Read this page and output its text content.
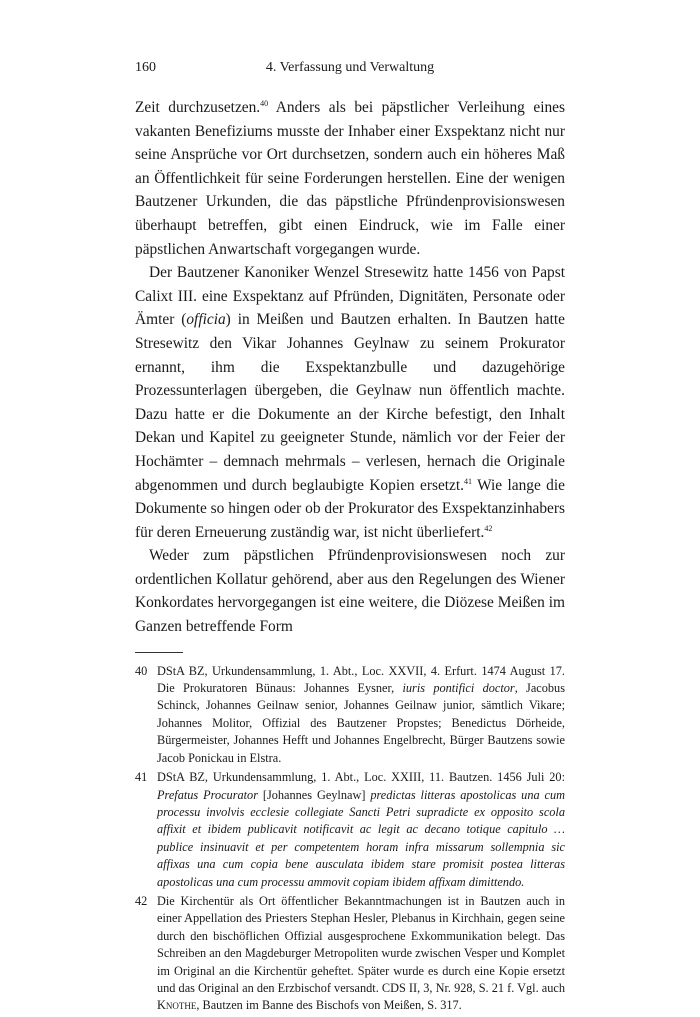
160	4. Verfassung und Verwaltung

Zeit durchzusetzen.$^{40}$ Anders als bei päpstlicher Verleihung eines vakanten Benefiziums musste der Inhaber einer Exspektanz nicht nur seine Ansprüche vor Ort durchsetzen, sondern auch ein höheres Maß an Öffentlichkeit für seine Forderungen herstellen. Eine der wenigen Bautzener Urkunden, die das päpstliche Pfründenprovisionswesen überhaupt betreffen, gibt einen Eindruck, wie im Falle einer päpstlichen Anwartschaft vorgegangen wurde.

Der Bautzener Kanoniker Wenzel Stresewitz hatte 1456 von Papst Calixt III. eine Exspektanz auf Pfründen, Dignitäten, Personate oder Ämter (officia) in Meißen und Bautzen erhalten. In Bautzen hatte Stresewitz den Vikar Johannes Geylnaw zu seinem Prokurator ernannt, ihm die Exspektanzbulle und dazugehörige Prozessunterlagen übergeben, die Geylnaw nun öffentlich machte. Dazu hatte er die Dokumente an der Kirche befestigt, den Inhalt Dekan und Kapitel zu geeigneter Stunde, nämlich vor der Feier der Hochämter – demnach mehrmals – verlesen, hernach die Originale abgenommen und durch beglaubigte Kopien ersetzt.$^{41}$ Wie lange die Dokumente so hingen oder ob der Prokurator des Exspektanzinhabers für deren Erneuerung zuständig war, ist nicht überliefert.$^{42}$

Weder zum päpstlichen Pfründenprovisionswesen noch zur ordentlichen Kollatur gehörend, aber aus den Regelungen des Wiener Konkordates hervorgegangen ist eine weitere, die Diözese Meißen im Ganzen betreffende Form

40 DStA BZ, Urkundensammlung, 1. Abt., Loc. XXVII, 4. Erfurt. 1474 August 17. Die Prokuratoren Bünaus: Johannes Eysner, iuris pontifici doctor, Jacobus Schinck, Johannes Geilnaw senior, Johannes Geilnaw junior, sämtlich Vikare; Johannes Molitor, Offizial des Bautzener Propstes; Benedictus Dörheide, Bürgermeister, Johannes Hefft und Johannes Engelbrecht, Bürger Bautzens sowie Jacob Ponickau in Elstra.
41 DStA BZ, Urkundensammlung, 1. Abt., Loc. XXIII, 11. Bautzen. 1456 Juli 20: Prefatus Procurator [Johannes Geylnaw] predictas litteras apostolicas una cum processu involvis ecclesie collegiate Sancti Petri supradicte ex opposito scola affixit et ibidem publicavit notificavit ac legit ac decano totique capitulo … publice insinuavit et per competentem horam infra missarum sollempnia sic affixas una cum copia bene ausculata ibidem stare promisit postea litteras apostolicas una cum processu ammovit copiam ibidem affixam dimittendo.
42 Die Kirchentür als Ort öffentlicher Bekanntmachungen ist in Bautzen auch in einer Appellation des Priesters Stephan Hesler, Plebanus in Kirchhain, gegen seine durch den bischöflichen Offizial ausgesprochene Exkommunikation belegt. Das Schreiben an den Magdeburger Metropoliten wurde zwischen Vesper und Komplet im Original an die Kirchentür geheftet. Später wurde es durch eine Kopie ersetzt und das Original an den Erzbischof versandt. CDS II, 3, Nr. 928, S. 21 f. Vgl. auch Knothe, Bautzen im Banne des Bischofs von Meißen, S. 317.
